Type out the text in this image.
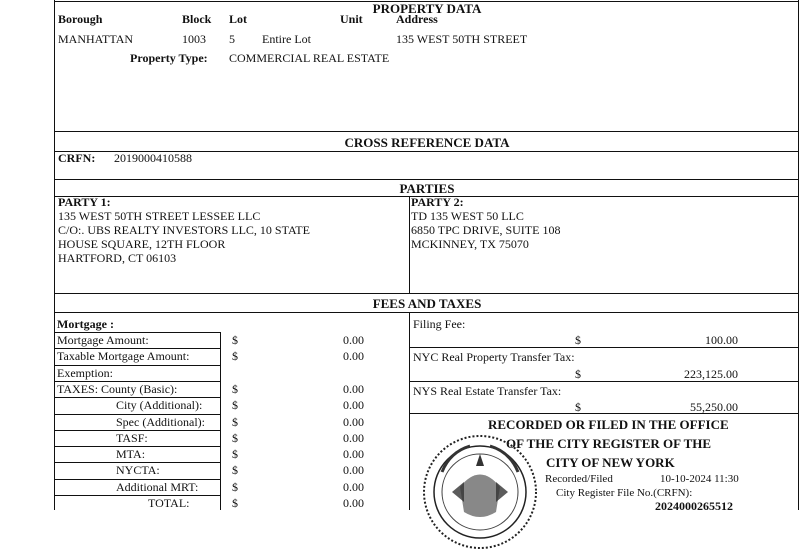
PROPERTY DATA
Borough	Block Lot	Unit	Address
MANHATTAN	1003 5 Entire Lot	135 WEST 50TH STREET
Property Type: COMMERCIAL REAL ESTATE
CROSS REFERENCE DATA
CRFN: 2019000410588
PARTIES
PARTY 1:
135 WEST 50TH STREET LESSEE LLC
C/O:. UBS REALTY INVESTORS LLC, 10 STATE
HOUSE SQUARE, 12TH FLOOR
HARTFORD, CT 06103
PARTY 2:
TD 135 WEST 50 LLC
6850 TPC DRIVE, SUITE 108
MCKINNEY, TX 75070
FEES AND TAXES
Mortgage :
Mortgage Amount:	$	0.00
Taxable Mortgage Amount:	$	0.00
Exemption:
TAXES: County (Basic):	$	0.00
City (Additional): $	0.00
Spec (Additional): $	0.00
TASF:	$	0.00
MTA:	$	0.00
NYCTA:	$	0.00
Additional MRT:	$	0.00
TOTAL:	$	0.00
Filing Fee:
$	100.00
NYC Real Property Transfer Tax:
$	223,125.00
NYS Real Estate Transfer Tax:
$	55,250.00
RECORDED OR FILED IN THE OFFICE
OF THE CITY REGISTER OF THE
CITY OF NEW YORK
Recorded/Filed	10-10-2024 11:30
City Register File No.(CRFN):
2024000265512
